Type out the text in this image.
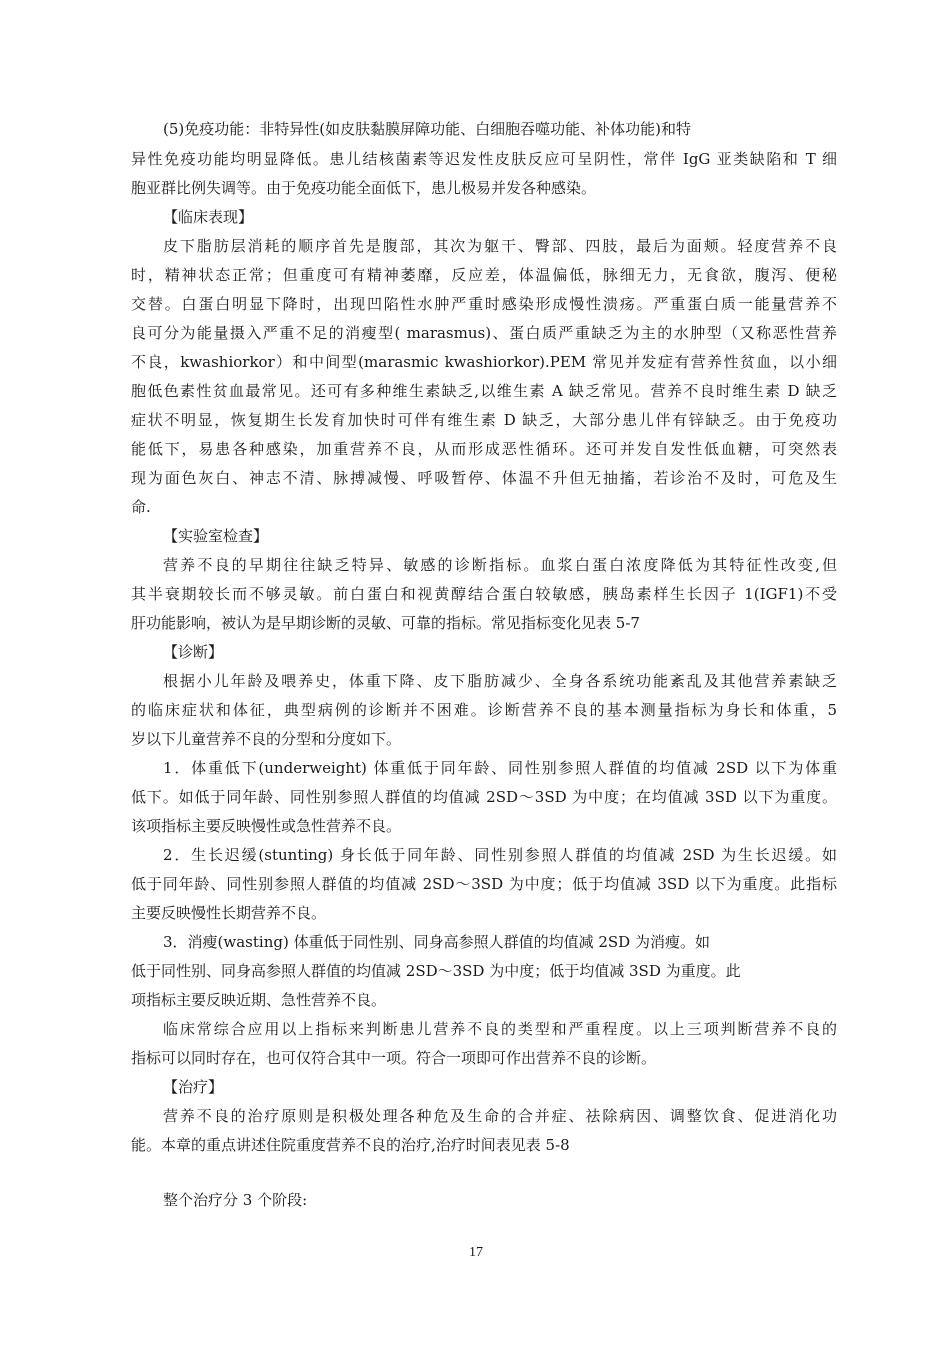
(5)免疫功能：非特异性(如皮肤黏膜屏障功能、白细胞吞噬功能、补体功能)和特
异性免疫功能均明显降低。患儿结核菌素等迟发性皮肤反应可呈阴性，常伴 IgG 亚类缺陷和 T 细
胞亚群比例失调等。由于免疫功能全面低下，患儿极易并发各种感染。
【临床表现】
皮下脂肪层消耗的顺序首先是腹部，其次为躯干、臀部、四肢，最后为面颊。轻度营养不良
时，精神状态正常；但重度可有精神萎靡，反应差，体温偏低，脉细无力，无食欲，腹泻、便秘
交替。白蛋白明显下降时，出现凹陷性水肿严重时感染形成慢性溃疡。严重蛋白质一能量营养不
良可分为能量摄入严重不足的消瘦型( marasmus)、蛋白质严重缺乏为主的水肿型（又称恶性营养
不良，kwashiorkor）和中间型(marasmic kwashiorkor).PEM 常见并发症有营养性贫血，以小细
胞低色素性贫血最常见。还可有多种维生素缺乏,以维生素 A 缺乏常见。营养不良时维生素 D 缺乏
症状不明显，恢复期生长发育加快时可伴有维生素 D 缺乏，大部分患儿伴有锌缺乏。由于免疫功
能低下，易患各种感染，加重营养不良，从而形成恶性循环。还可并发自发性低血糖，可突然表
现为面色灰白、神志不清、脉搏减慢、呼吸暂停、体温不升但无抽搐，若诊治不及时，可危及生
命.
【实验室检查】
营养不良的早期往往缺乏特异、敏感的诊断指标。血浆白蛋白浓度降低为其特征性改变,但
其半衰期较长而不够灵敏。前白蛋白和视黄醇结合蛋白较敏感，胰岛素样生长因子 1(IGF1)不受
肝功能影响，被认为是早期诊断的灵敏、可靠的指标。常见指标变化见表 5-7
【诊断】
根据小儿年龄及喂养史，体重下降、皮下脂肪减少、全身各系统功能紊乱及其他营养素缺乏
的临床症状和体征，典型病例的诊断并不困难。诊断营养不良的基本测量指标为身长和体重，5
岁以下儿童营养不良的分型和分度如下。
1．体重低下(underweight) 体重低于同年龄、同性别参照人群值的均值减 2SD 以下为体重
低下。如低于同年龄、同性别参照人群值的均值减 2SD～3SD 为中度；在均值减 3SD 以下为重度。
该项指标主要反映慢性或急性营养不良。
2．生长迟缓(stunting) 身长低于同年龄、同性别参照人群值的均值减 2SD 为生长迟缓。如
低于同年龄、同性别参照人群值的均值减 2SD～3SD 为中度；低于均值减 3SD 以下为重度。此指标
主要反映慢性长期营养不良。
3．消瘦(wasting) 体重低于同性别、同身高参照人群值的均值减 2SD 为消瘦。如
低于同性别、同身高参照人群值的均值减 2SD～3SD 为中度；低于均值减 3SD 为重度。此
项指标主要反映近期、急性营养不良。
临床常综合应用以上指标来判断患儿营养不良的类型和严重程度。以上三项判断营养不良的
指标可以同时存在，也可仅符合其中一项。符合一项即可作出营养不良的诊断。
【治疗】
营养不良的治疗原则是积极处理各种危及生命的合并症、祛除病因、调整饮食、促进消化功
能。本章的重点讲述住院重度营养不良的治疗,治疗时间表见表 5-8
整个治疗分 3 个阶段:
17
